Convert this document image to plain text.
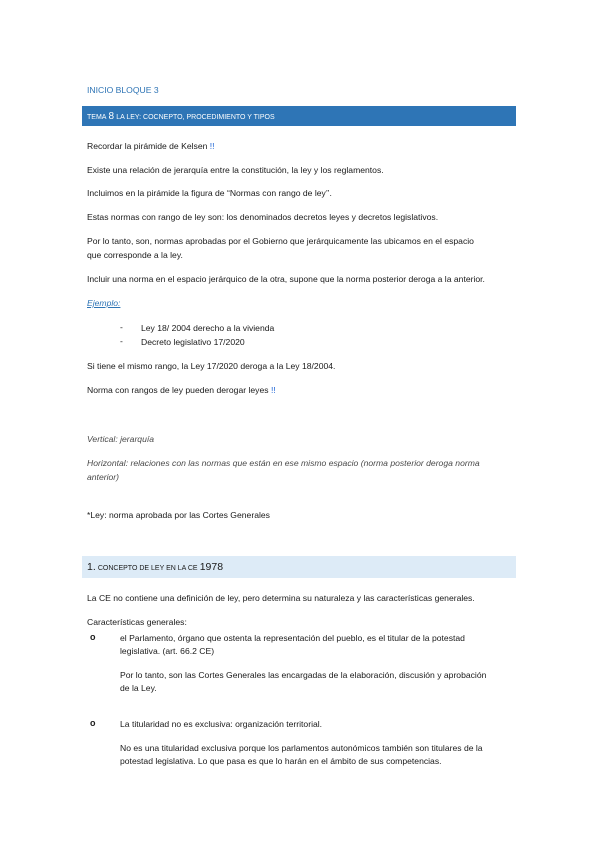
INICIO BLOQUE 3
TEMA 8 LA LEY: COCNEPTO, PROCEDIMIENTO Y TIPOS
Recordar la pirámide de Kelsen !!
Existe una relación de jerarquía entre la constitución, la ley y los reglamentos.
Incluimos en la pirámide la figura de “Normas con rango de ley’’.
Estas normas con rango de ley son: los denominados decretos leyes y decretos legislativos.
Por lo tanto, son, normas aprobadas por el Gobierno que jerárquicamente las ubicamos en el espacio
que corresponde a la ley.
Incluir una norma en el espacio jerárquico de la otra, supone que la norma posterior deroga a la anterior.
Ejemplo:
- Ley 18/ 2004 derecho a la vivienda
- Decreto legislativo 17/2020
Si tiene el mismo rango, la Ley 17/2020 deroga a la Ley 18/2004.
Norma con rangos de ley pueden derogar leyes !!
Vertical: jerarquía
Horizontal: relaciones con las normas que están en ese mismo espacio (norma posterior deroga norma
anterior)
*Ley: norma aprobada por las Cortes Generales
1. CONCEPTO DE LEY EN LA CE 1978
La CE no contiene una definición de ley, pero determina su naturaleza y las características generales.
Características generales:
o	el Parlamento, órgano que ostenta la representación del pueblo, es el titular de la potestad
legislativa. (art. 66.2 CE)
Por lo tanto, son las Cortes Generales las encargadas de la elaboración, discusión y aprobación
de la Ley.
o	La titularidad no es exclusiva: organización territorial.
No es una titularidad exclusiva porque los parlamentos autonómicos también son titulares de la
potestad legislativa. Lo que pasa es que lo harán en el ámbito de sus competencias.
